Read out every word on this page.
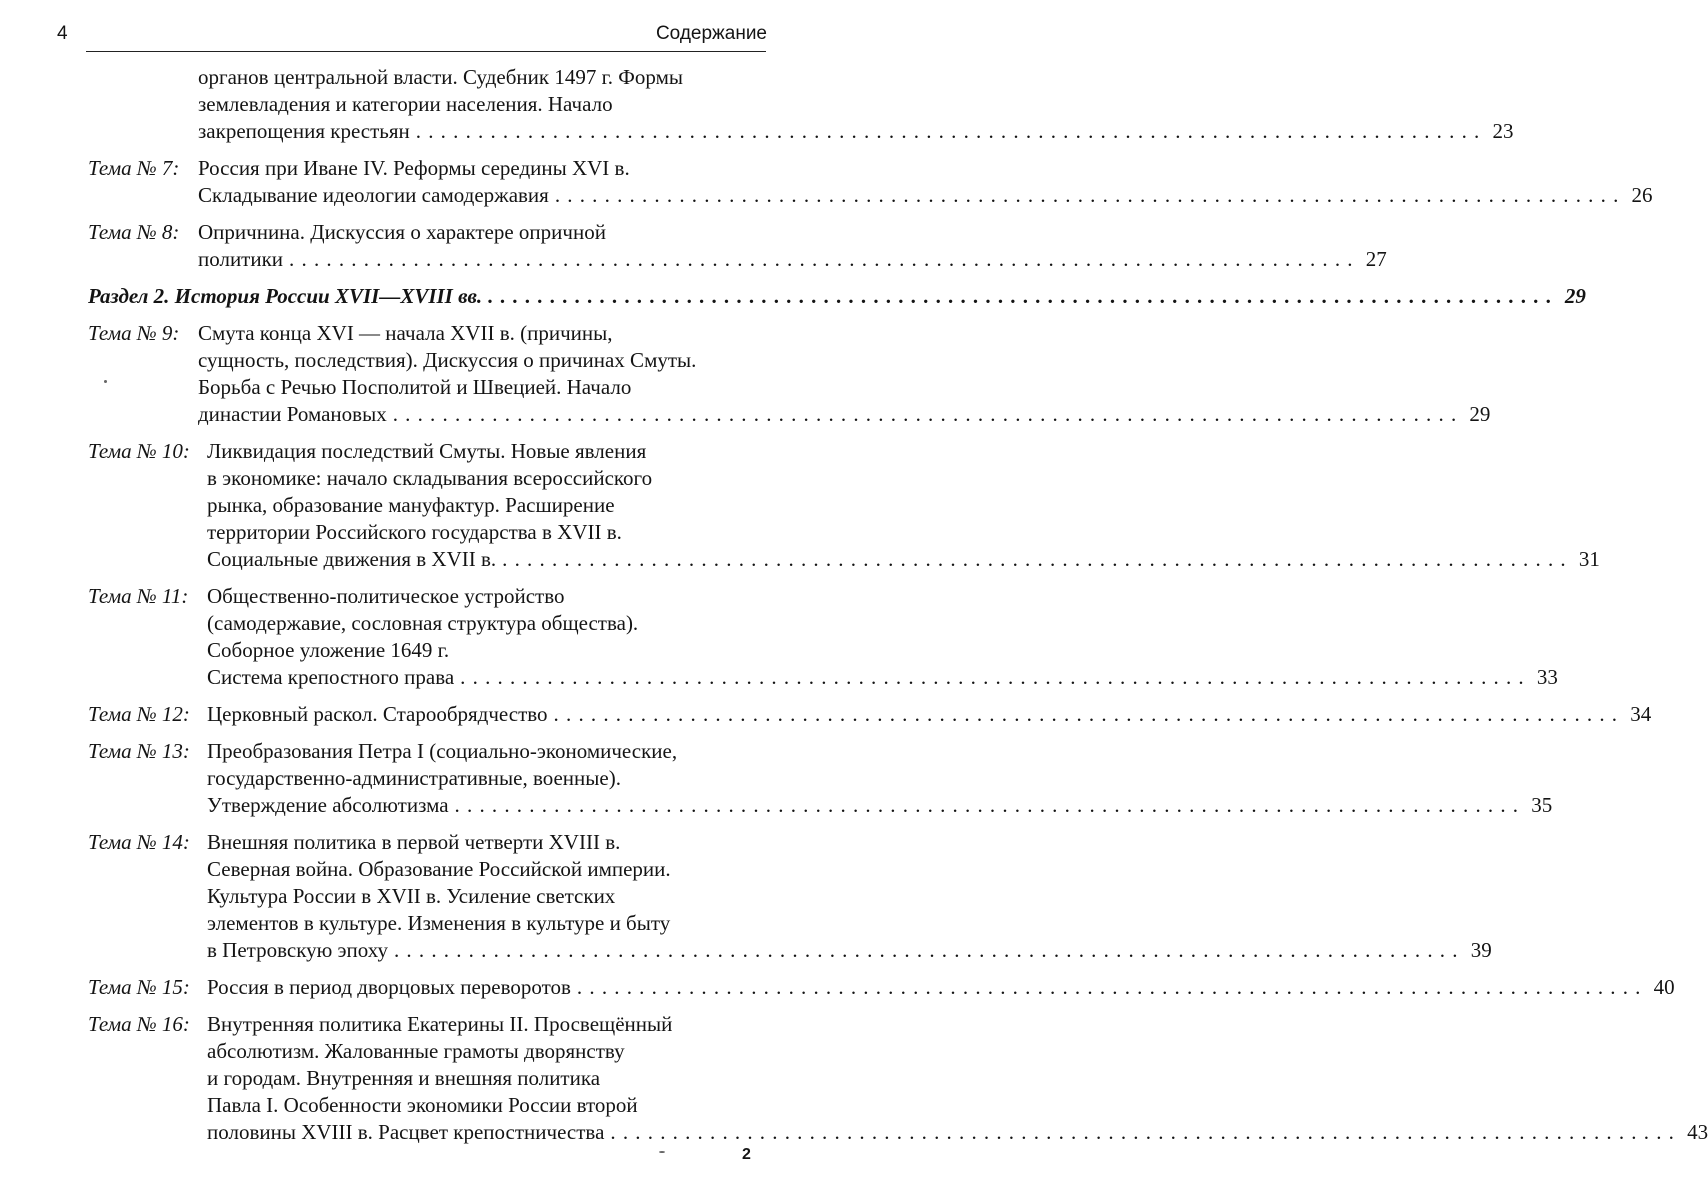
4	Содержание
органов центральной власти. Судебник 1497 г. Формы
землевладения и категории населения. Начало
закрепощения крестьян ...................................................................................... 23
Тема № 7: Россия при Иване IV. Реформы середины XVI в.
Складывание идеологии самодержавия ...................................................................................... 26
Тема № 8: Опричнина. Дискуссия о характере опричной
политики ...................................................................................... 27
Раздел 2. История России XVII—XVIII вв. ...................................................................................... 29
Тема № 9: Смута конца XVI — начала XVII в. (причины,
сущность, последствия). Дискуссия о причинах Смуты.
Борьба с Речью Посполитой и Швецией. Начало
династии Романовых ...................................................................................... 29
Тема № 10: Ликвидация последствий Смуты. Новые явления
в экономике: начало складывания всероссийского
рынка, образование мануфактур. Расширение
территории Российского государства в XVII в.
Социальные движения в XVII в. ...................................................................................... 31
Тема № 11: Общественно-политическое устройство
(самодержавие, сословная структура общества).
Соборное уложение 1649 г.
Система крепостного права ...................................................................................... 33
Тема № 12: Церковный раскол. Старообрядчество ...................................................................................... 34
Тема № 13: Преобразования Петра I (социально-экономические,
государственно-административные, военные).
Утверждение абсолютизма ...................................................................................... 35
Тема № 14: Внешняя политика в первой четверти XVIII в.
Северная война. Образование Российской империи.
Культура России в XVII в. Усиление светских
элементов в культуре. Изменения в культуре и быту
в Петровскую эпоху ...................................................................................... 39
Тема № 15: Россия в период дворцовых переворотов ...................................................................................... 40
Тема № 16: Внутренняя политика Екатерины II. Просвещённый
абсолютизм. Жалованные грамоты дворянству
и городам. Внутренняя и внешняя политика
Павла I. Особенности экономики России второй
половины XVIII в. Расцвет крепостничества ...................................................................................... 43
2
